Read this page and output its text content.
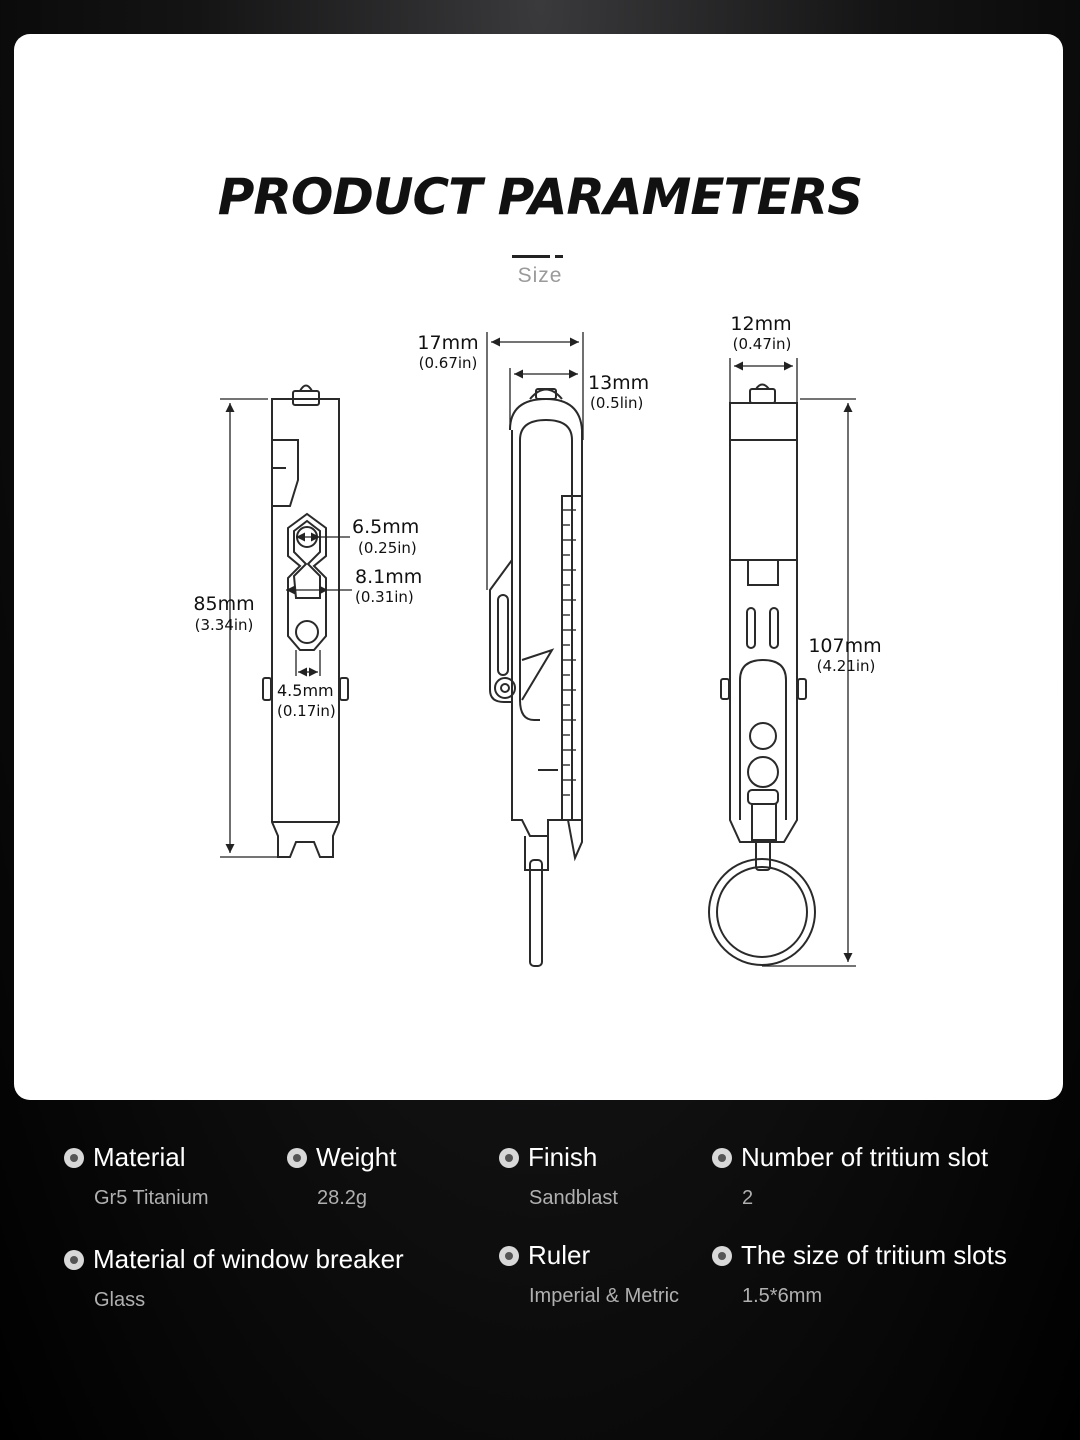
PRODUCT PARAMETERS
Size
85mm
(3.34in)
6.5mm
(0.25in)
8.1mm
(0.31in)
4.5mm
(0.17in)
17mm
(0.67in)
13mm
(0.5lin)
12mm
(0.47in)
107mm
(4.21in)
Material
Gr5 Titanium
Weight
28.2g
Finish
Sandblast
Number of tritium slot
2
Material of window breaker
Glass
Ruler
Imperial & Metric
The size of tritium slots
1.5*6mm
